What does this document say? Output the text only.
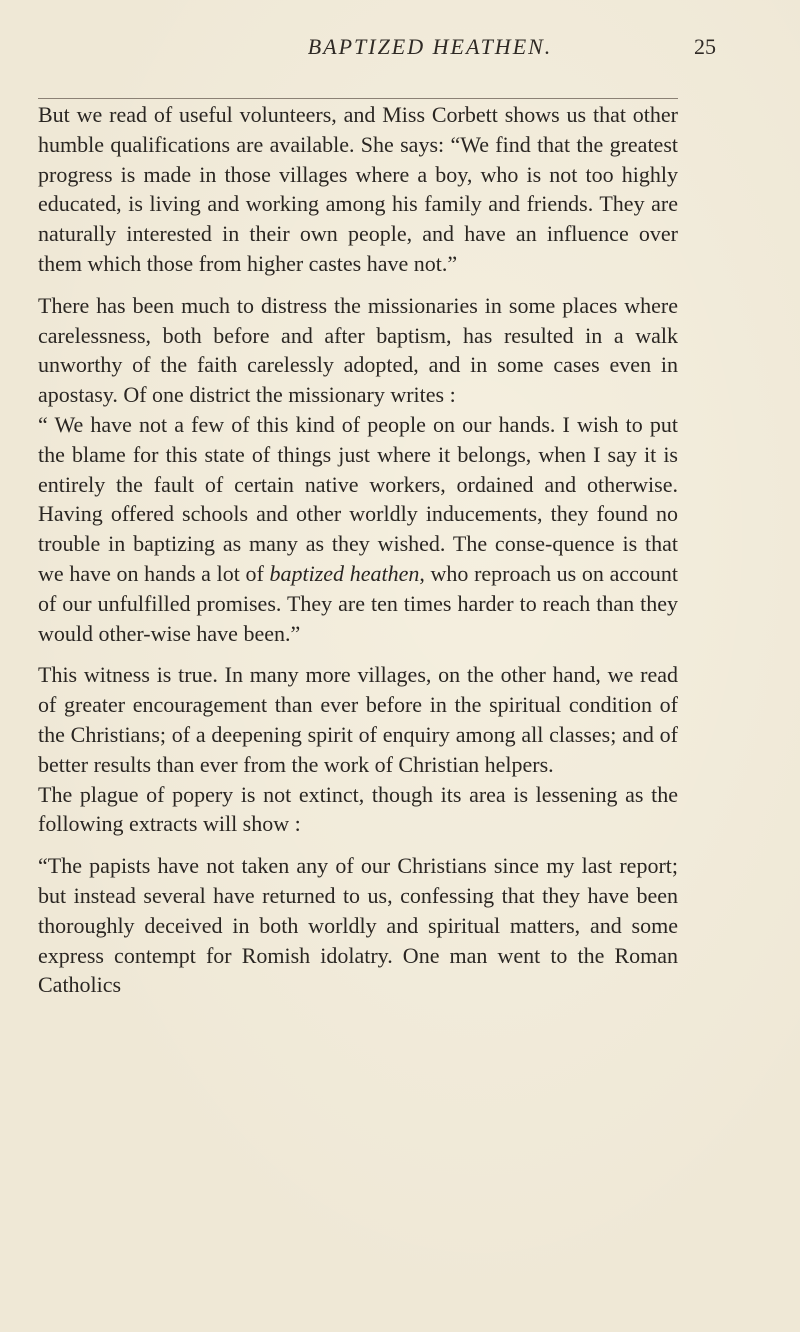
BAPTIZED HEATHEN.	25

But we read of useful volunteers, and Miss Corbett shows us that other humble qualifications are available. She says: “We find that the greatest progress is made in those villages where a boy, who is not too highly educated, is living and working among his family and friends. They are naturally interested in their own people, and have an influence over them which those from higher castes have not.”

There has been much to distress the missionaries in some places where carelessness, both before and after baptism, has resulted in a walk unworthy of the faith carelessly adopted, and in some cases even in apostasy. Of one district the missionary writes :

“ We have not a few of this kind of people on our hands. I wish to put the blame for this state of things just where it belongs, when I say it is entirely the fault of certain native workers, ordained and otherwise. Having offered schools and other worldly inducements, they found no trouble in baptizing as many as they wished. The conse-quence is that we have on hands a lot of baptized heathen, who reproach us on account of our unfulfilled promises. They are ten times harder to reach than they would other-wise have been.”

This witness is true. In many more villages, on the other hand, we read of greater encouragement than ever before in the spiritual condition of the Christians; of a deepening spirit of enquiry among all classes; and of better results than ever from the work of Christian helpers.

The plague of popery is not extinct, though its area is lessening as the following extracts will show :

“The papists have not taken any of our Christians since my last report; but instead several have returned to us, confessing that they have been thoroughly deceived in both worldly and spiritual matters, and some express contempt for Romish idolatry. One man went to the Roman Catholics
